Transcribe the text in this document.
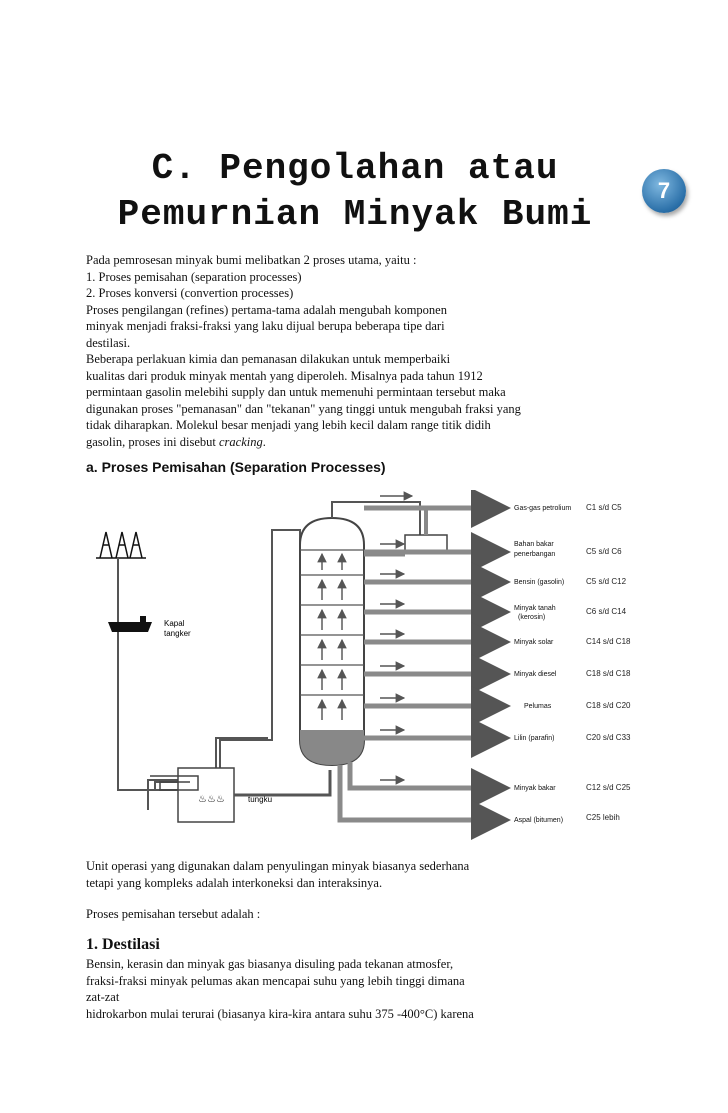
C. Pengolahan atau
Pemurnian Minyak Bumi
7
Pada pemrosesan minyak bumi melibatkan 2 proses utama, yaitu :
1. Proses pemisahan (separation processes)
2. Proses konversi (convertion processes)
Proses pengilangan (refines) pertama-tama adalah mengubah komponen
minyak menjadi fraksi-fraksi yang laku dijual berupa beberapa tipe dari
destilasi.
Beberapa perlakuan kimia dan pemanasan dilakukan untuk memperbaiki
kualitas dari produk minyak mentah yang diperoleh. Misalnya pada tahun 1912
permintaan gasolin melebihi supply dan untuk memenuhi permintaan tersebut maka
digunakan proses "pemanasan" dan "tekanan" yang tinggi untuk mengubah fraksi yang
tidak diharapkan. Molekul besar menjadi yang lebih kecil dalam range titik didih
gasolin, proses ini disebut cracking.
a. Proses Pemisahan (Separation Processes)
Kapal
tangker
♨♨♨	tungku
Gas-gas petrolium
Bahan bakar
penerbangan
Bensin (gasolin)
Minyak tanah
(kerosin)
Minyak solar
Minyak diesel
Pelumas
Lilin (parafin)
Minyak bakar
Aspal (bitumen)
C1 s/d C5
C5 s/d C6
C5 s/d C12
C6 s/d C14
C14 s/d C18
C18 s/d C18
C18 s/d C20
C20 s/d C33
C12 s/d C25
C25 lebih
Unit operasi yang digunakan dalam penyulingan minyak biasanya sederhana
tetapi yang kompleks adalah interkoneksi dan interaksinya.
Proses pemisahan tersebut adalah :
1. Destilasi
Bensin, kerasin dan minyak gas biasanya disuling pada tekanan atmosfer,
fraksi-fraksi minyak pelumas akan mencapai suhu yang lebih tinggi dimana
zat-zat
hidrokarbon mulai terurai (biasanya kira-kira antara suhu 375 -400°C) karena
